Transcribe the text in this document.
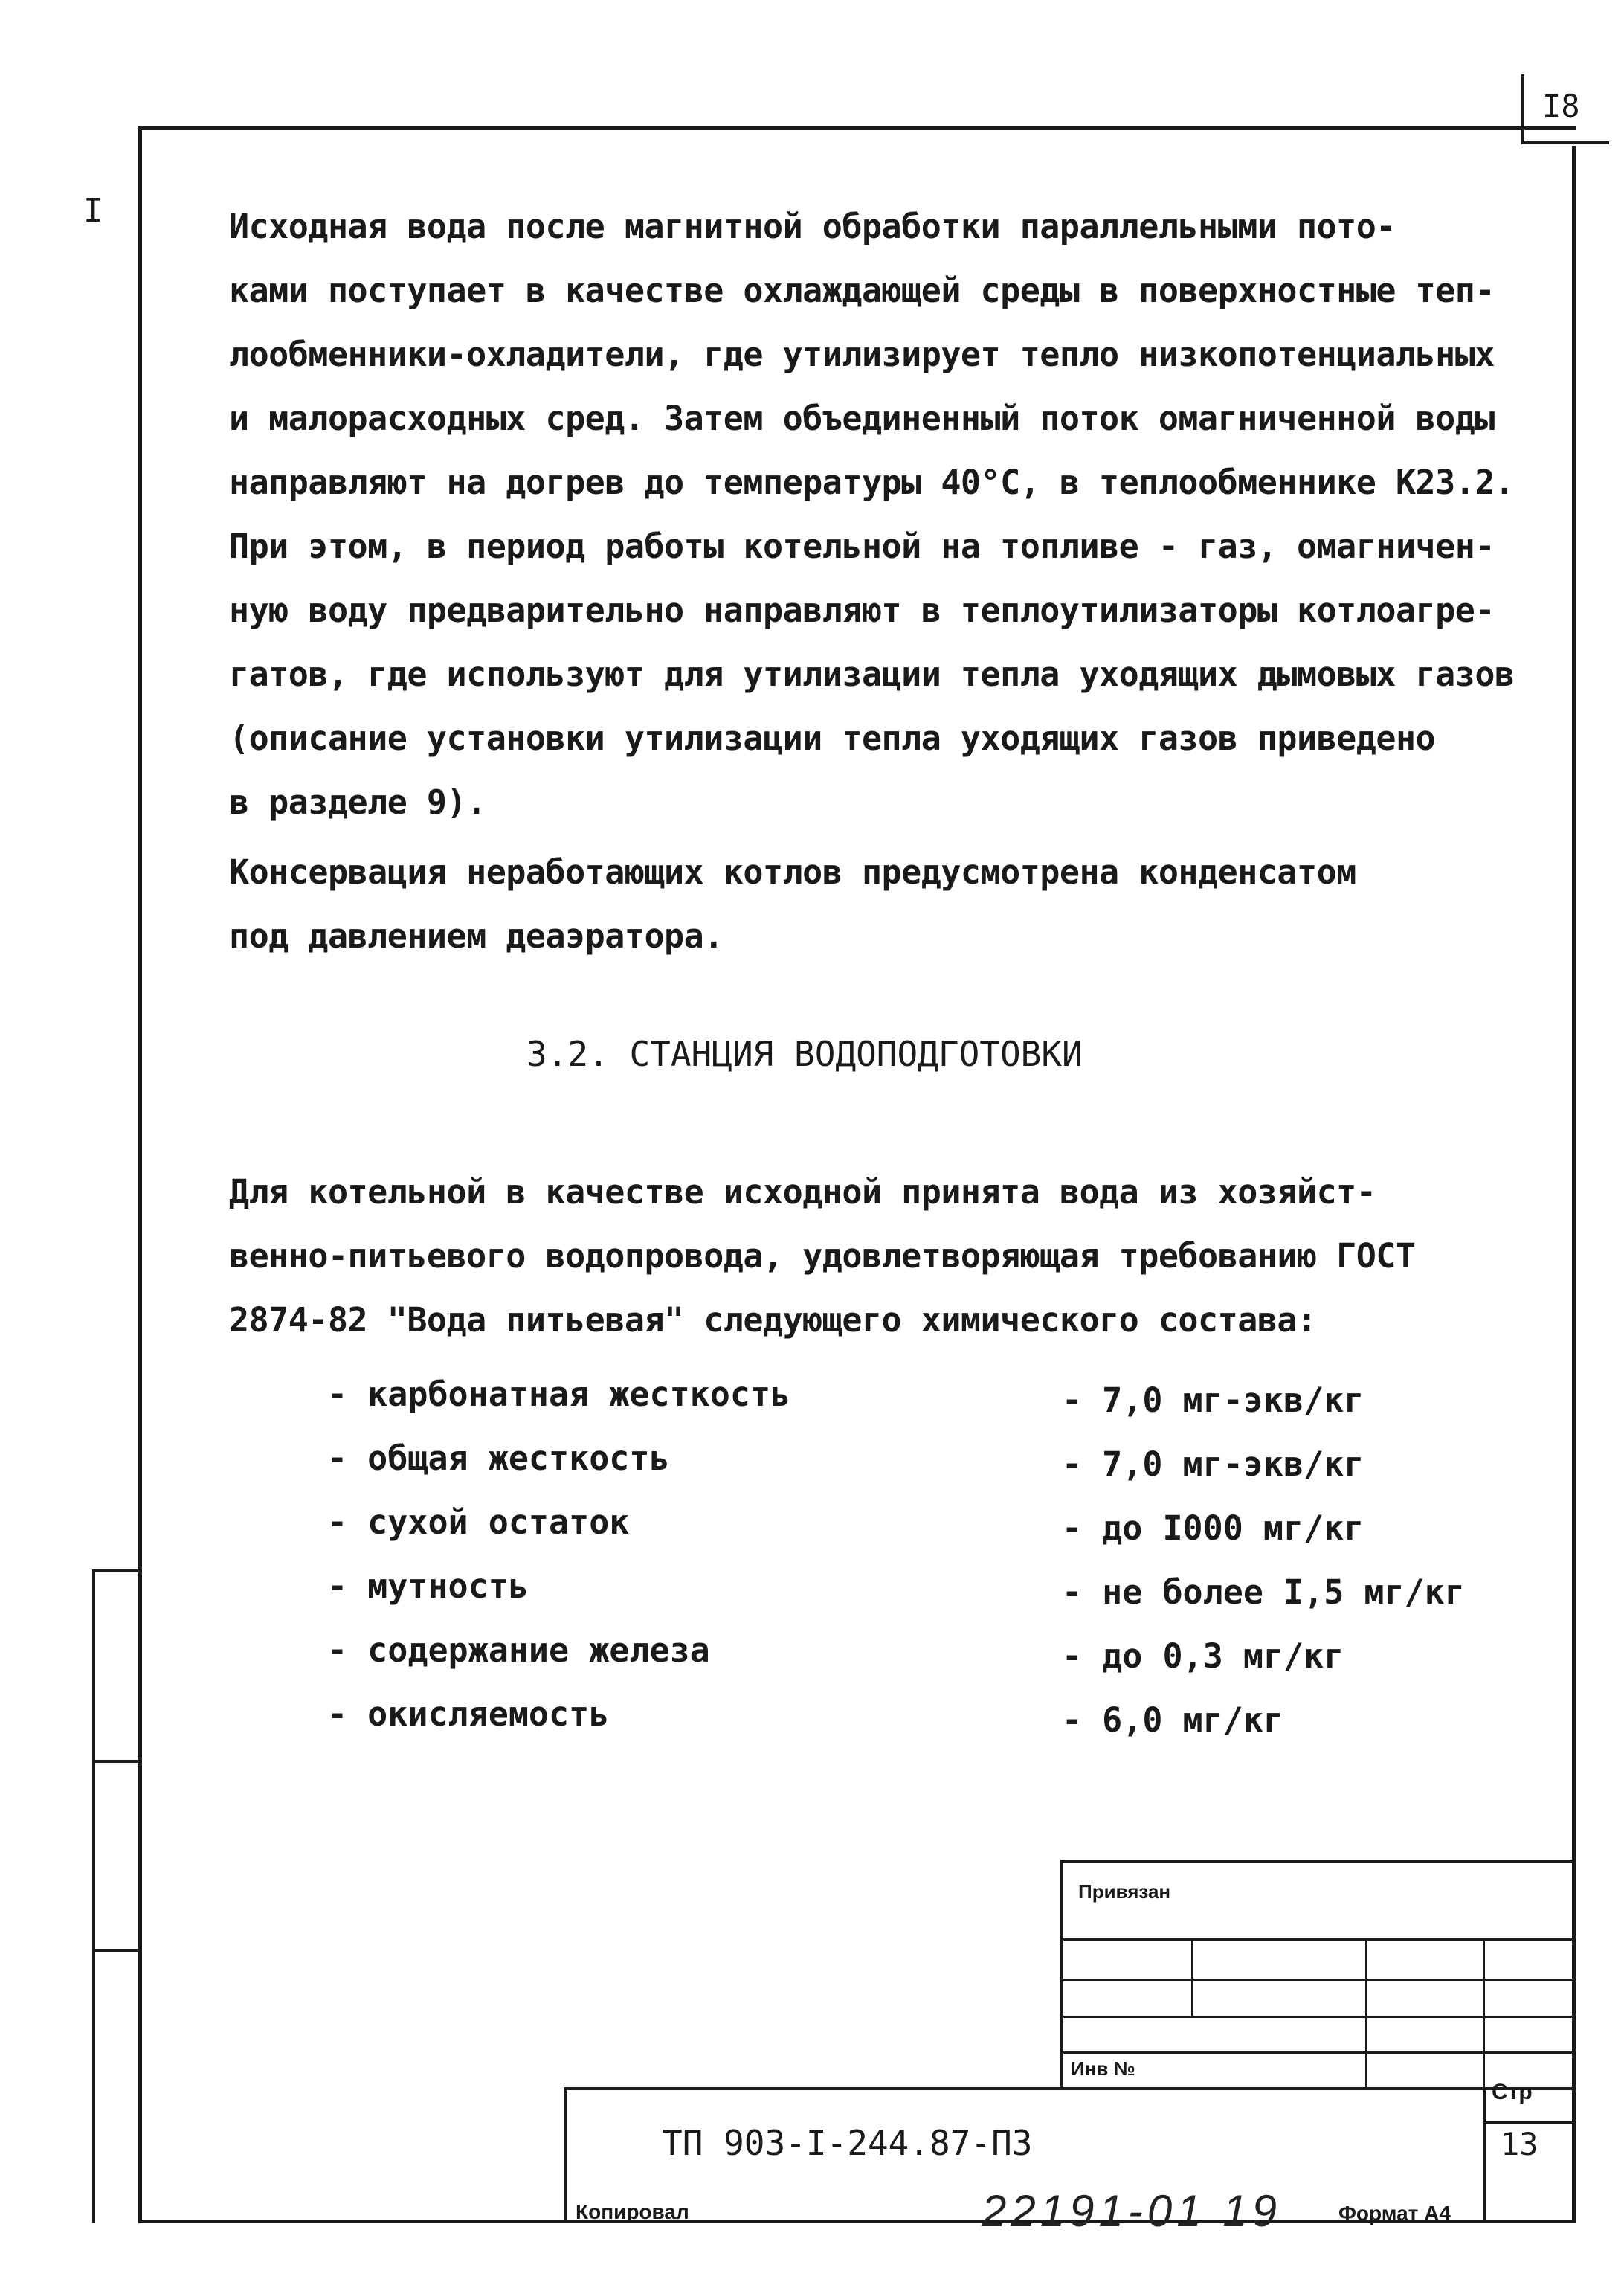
I8
I	Исходная вода после магнитной обработки параллельными пото-
ками поступает в качестве охлаждающей среды в поверхностные теп-
лообменники-охладители, где утилизирует тепло низкопотенциальных
и малорасходных сред. Затем объединенный поток омагниченной воды
направляют на догрев до температуры 40°С, в теплообменнике К23.2.
При этом, в период работы котельной на топливе - газ, омагничен-
ную воду предварительно направляют в теплоутилизаторы котлоагре-
гатов, где используют для утилизации тепла уходящих дымовых газов
(описание установки утилизации тепла уходящих газов приведено
в разделе 9).
Консервация неработающих котлов предусмотрена конденсатом
под давлением деаэратора.
3.2. СТАНЦИЯ ВОДОПОДГОТОВКИ
Для котельной в качестве исходной принята вода из хозяйст-
венно-питьевого водопровода, удовлетворяющая требованию ГОСТ
2874-82 "Вода питьевая" следующего химического состава:
- карбонатная жесткость	- 7,0 мг-экв/кг
- общая жесткость	- 7,0 мг-экв/кг
- сухой остаток	- до I000 мг/кг
- мутность	- не более I,5 мг/кг
- содержание железа	- до 0,3 мг/кг
- окисляемость	- 6,0 мг/кг
Привязан
Инв №
ТП 903-I-244.87-ПЗ
Стр
13
Копировал	22191-01 19	Формат А4
